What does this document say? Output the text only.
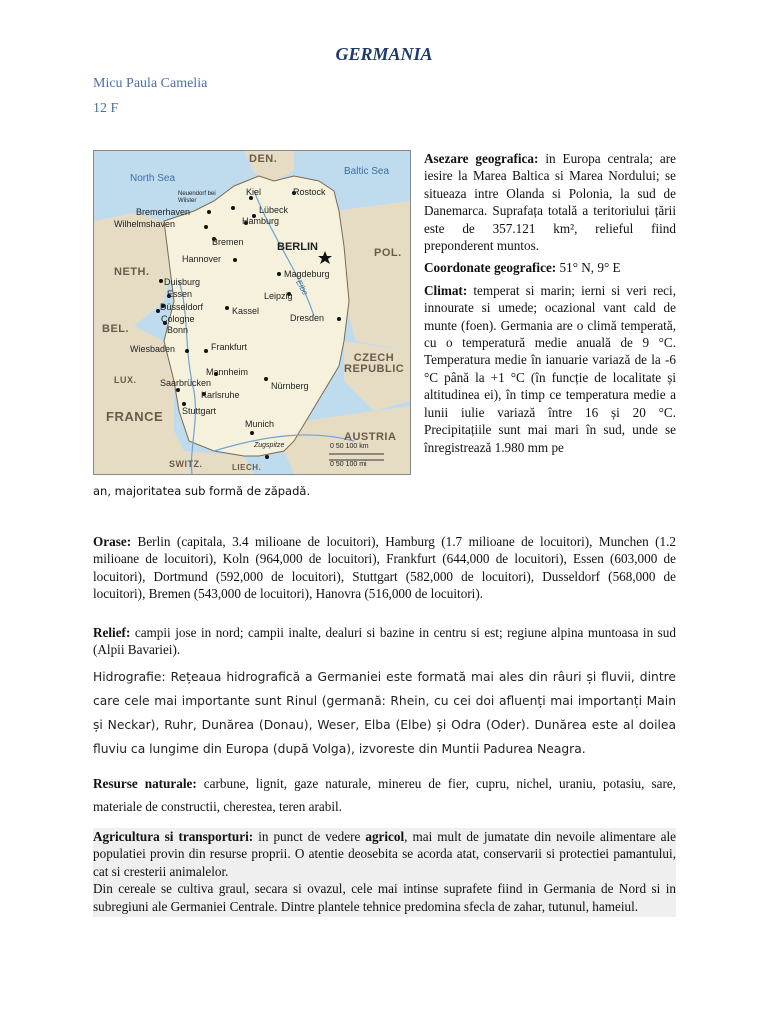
GERMANIA
Micu Paula Camelia
12 F
North Sea
Baltic Sea
DEN.
NETH.
BEL.
LUX.
FRANCE
POL.
CZECH REPUBLIC
AUSTRIA
SWITZ.	LIECH.
BERLIN
Kiel	Rostock
Neuendorf bei Wilster
Lübeck
Hamburg
Bremerhaven
Wilhelmshaven
Bremen
Hannover
Magdeburg
Duisburg
Essen
Düsseldorf
Cologne
Bonn
Kassel
Leipzig
Dresden
Wiesbaden	Frankfurt
Mannheim
Saarbrücken
Karlsruhe
Nürnberg
Stuttgart
Munich
Zugspitze
Elbe
0 50 100 km
0 50 100 mi

Asezare geografica: in Europa centrala; are iesire la Marea Baltica si Marea Nordului; se situeaza intre Olanda si Polonia, la sud de Danemarca. Suprafața totală a teritoriului țării este de 357.121 km², relieful fiind preponderent muntos.

Coordonate geografice: 51° N, 9° E

Climat: temperat si marin; ierni si veri reci, innourate si umede; ocazional vant cald de munte (foen). Germania are o climă temperată, cu o temperatură medie anuală de 9 °C. Temperatura medie în ianuarie variază de la -6 °C până la +1 °C (în funcție de localitate și altitudinea ei), în timp ce temperatura medie a lunii iulie variază între 16 și 20 °C. Precipitațiile sunt mai mari în sud, unde se înregistrează 1.980 mm pe

an, majoritatea sub formă de zăpadă.
Orase: Berlin (capitala, 3.4 milioane de locuitori), Hamburg (1.7 milioane de locuitori), Munchen (1.2 milioane de locuitori), Koln (964,000 de locuitori), Frankfurt (644,000 de locuitori), Essen (603,000 de locuitori), Dortmund (592,000 de locuitori), Stuttgart (582,000 de locuitori), Dusseldorf (568,000 de locuitori), Bremen (543,000 de locuitori), Hanovra (516,000 de locuitori).
Relief: campii jose in nord; campii inalte, dealuri si bazine in centru si est; regiune alpina muntoasa in sud (Alpii Bavariei).
Hidrografie: Rețeaua hidrografică a Germaniei este formată mai ales din râuri și fluvii, dintre care cele mai importante sunt Rinul (germană: Rhein, cu cei doi afluenți mai importanți Main și Neckar), Ruhr, Dunărea (Donau), Weser, Elba (Elbe) și Odra (Oder). Dunărea este al doilea fluviu ca lungime din Europa (după Volga), izvoreste din Muntii Padurea Neagra.
Resurse naturale: carbune, lignit, gaze naturale, minereu de fier, cupru, nichel, uraniu, potasiu, sare, materiale de constructii, cherestea, teren arabil.

Agricultura si transporturi: in punct de vedere agricol, mai mult de jumatate din nevoile alimentare ale populatiei provin din resurse proprii. O atentie deosebita se acorda atat, conservarii si protectiei pamantului, cat si cresterii animalelor.

Din cereale se cultiva graul, secara si ovazul, cele mai intinse suprafete fiind in Germania de Nord si in subregiuni ale Germaniei Centrale. Dintre plantele tehnice predomina sfecla de zahar, tutunul, hameiul.
